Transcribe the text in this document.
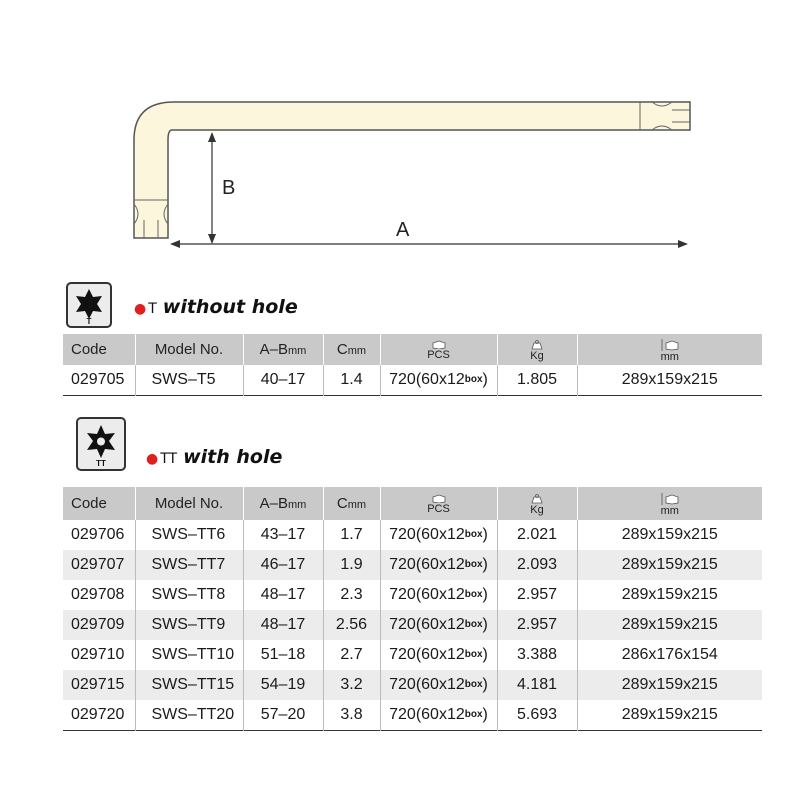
B
A
T
● T without hole
Code	Model No.	A–Bmm	Cmm	PCS	Kg	mm

029705	SWS–T5	40–17	1.4	720(60x12box)	1.805	289x159x215
TT	● TT with hole
Code	Model No.	A–Bmm	Cmm	PCS	Kg	mm

029706	SWS–TT6	43–17	1.7	720(60x12box)	2.021	289x159x215
029707	SWS–TT7	46–17	1.9	720(60x12box)	2.093	289x159x215
029708	SWS–TT8	48–17	2.3	720(60x12box)	2.957	289x159x215
029709	SWS–TT9	48–17	2.56	720(60x12box)	2.957	289x159x215
029710	SWS–TT10	51–18	2.7	720(60x12box)	3.388	286x176x154
029715	SWS–TT15	54–19	3.2	720(60x12box)	4.181	289x159x215
029720	SWS–TT20	57–20	3.8	720(60x12box)	5.693	289x159x215
